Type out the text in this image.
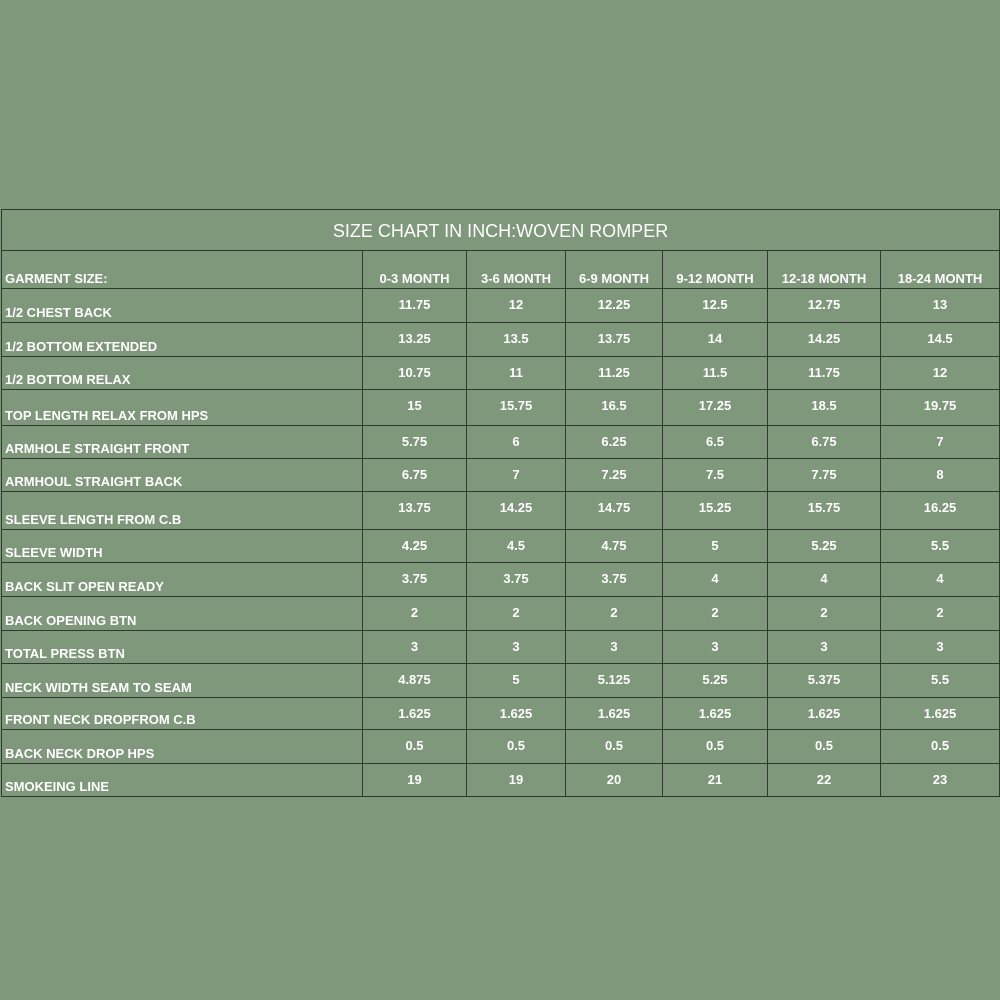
SIZE CHART IN INCH:WOVEN ROMPER						
GARMENT SIZE:	0-3 MONTH	3-6 MONTH	6-9 MONTH	9-12 MONTH	12-18 MONTH	18-24 MONTH
1/2 CHEST BACK	11.75	12	12.25	12.5	12.75	13
1/2 BOTTOM EXTENDED	13.25	13.5	13.75	14	14.25	14.5
1/2 BOTTOM RELAX	10.75	11	11.25	11.5	11.75	12
TOP LENGTH RELAX FROM HPS	15	15.75	16.5	17.25	18.5	19.75
ARMHOLE STRAIGHT FRONT	5.75	6	6.25	6.5	6.75	7
ARMHOUL STRAIGHT BACK	6.75	7	7.25	7.5	7.75	8
SLEEVE LENGTH FROM C.B	13.75	14.25	14.75	15.25	15.75	16.25
SLEEVE WIDTH	4.25	4.5	4.75	5	5.25	5.5
BACK SLIT OPEN READY	3.75	3.75	3.75	4	4	4
BACK OPENING BTN	2	2	2	2	2	2
TOTAL PRESS BTN	3	3	3	3	3	3
NECK WIDTH SEAM TO SEAM	4.875	5	5.125	5.25	5.375	5.5
FRONT NECK DROPFROM C.B	1.625	1.625	1.625	1.625	1.625	1.625
BACK NECK DROP HPS	0.5	0.5	0.5	0.5	0.5	0.5
SMOKEING LINE	19	19	20	21	22	23
